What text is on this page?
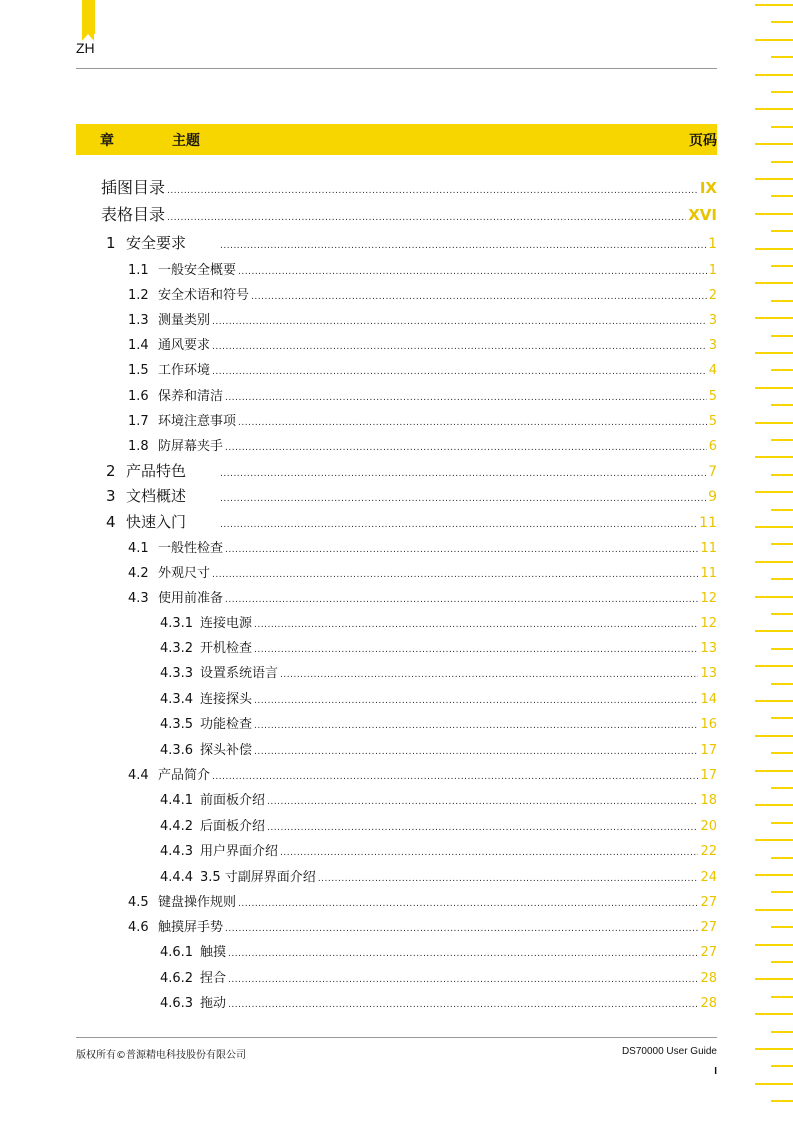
ZH
章	主题	页码
插图目录 .....	IX
表格目录 .....	XVI
1 安全要求 .....	1
1.1 一般安全概要 .....	1
1.2 安全术语和符号 .....	2
1.3 测量类别 .....	3
1.4 通风要求 .....	3
1.5 工作环境 .....	4
1.6 保养和清洁 .....	5
1.7 环境注意事项 .....	5
1.8 防屏幕夹手 .....	6
2 产品特色 .....	7
3 文档概述 .....	9
4 快速入门 .....	11
4.1 一般性检查 .....	11
4.2 外观尺寸 .....	11
4.3 使用前准备 .....	12
4.3.1 连接电源 .....	12
4.3.2 开机检查 .....	13
4.3.3 设置系统语言 .....	13
4.3.4 连接探头 .....	14
4.3.5 功能检查 .....	16
4.3.6 探头补偿 .....	17
4.4 产品简介 .....	17
4.4.1 前面板介绍 .....	18
4.4.2 后面板介绍 .....	20
4.4.3 用户界面介绍 .....	22
4.4.4 3.5 寸副屏界面介绍 .....	24
4.5 键盘操作规则 .....	27
4.6 触摸屏手势 .....	27
4.6.1 触摸 .....	27
4.6.2 捏合 .....	28
4.6.3 拖动 .....	28
版权所有©普源精电科技股份有限公司	DS70000 User Guide
I
